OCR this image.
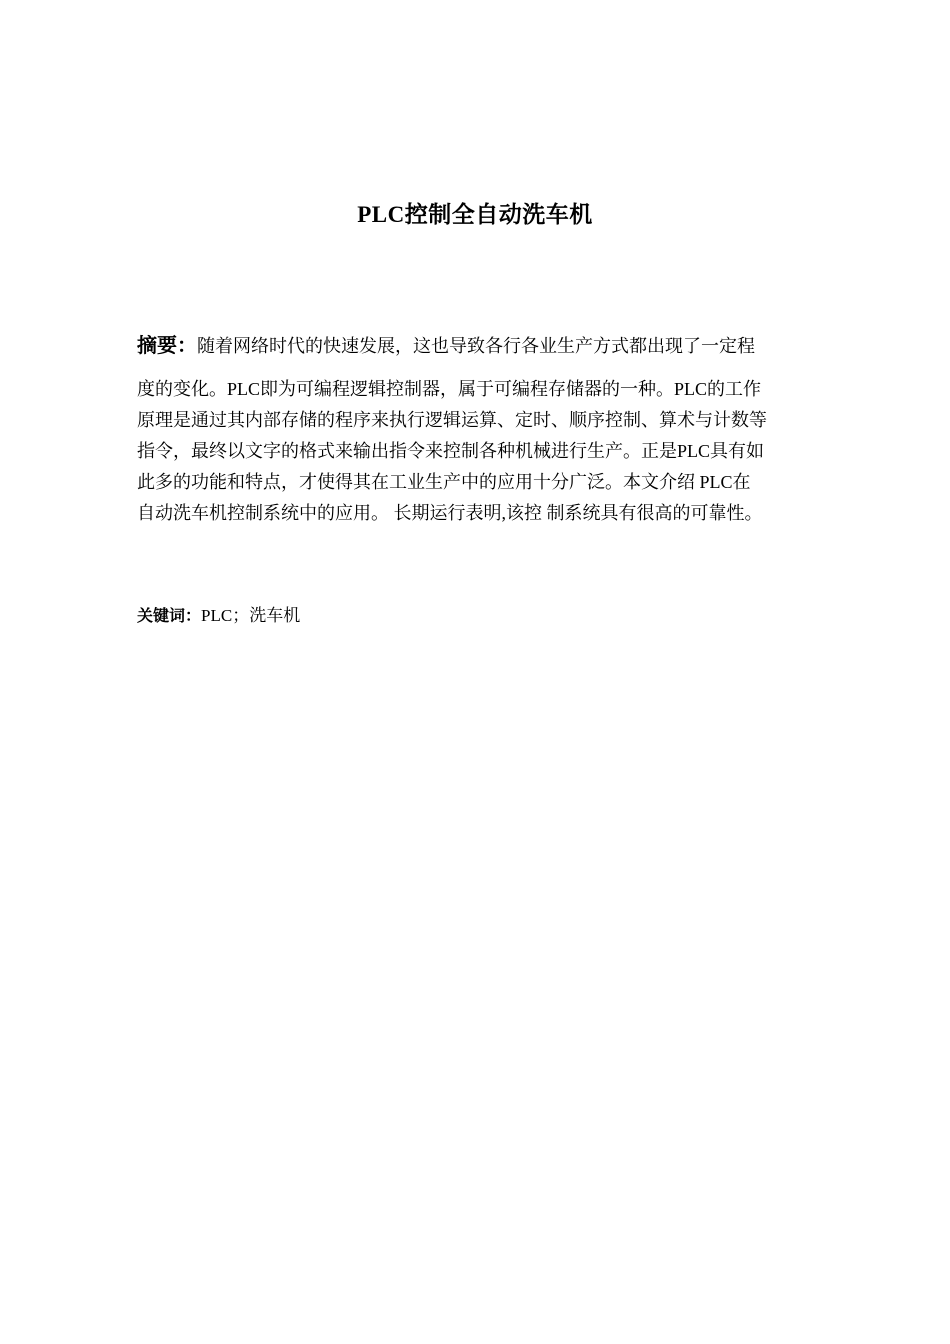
PLC控制全自动洗车机
摘要：随着网络时代的快速发展，这也导致各行各业生产方式都出现了一定程
度的变化。PLC即为可编程逻辑控制器，属于可编程存储器的一种。PLC的工作
原理是通过其内部存储的程序来执行逻辑运算、定时、顺序控制、算术与计数等
指令，最终以文字的格式来输出指令来控制各种机械进行生产。正是PLC具有如
此多的功能和特点，才使得其在工业生产中的应用十分广泛。本文介绍 PLC在
自动洗车机控制系统中的应用。 长期运行表明,该控 制系统具有很高的可靠性。
关键词：PLC；洗车机
